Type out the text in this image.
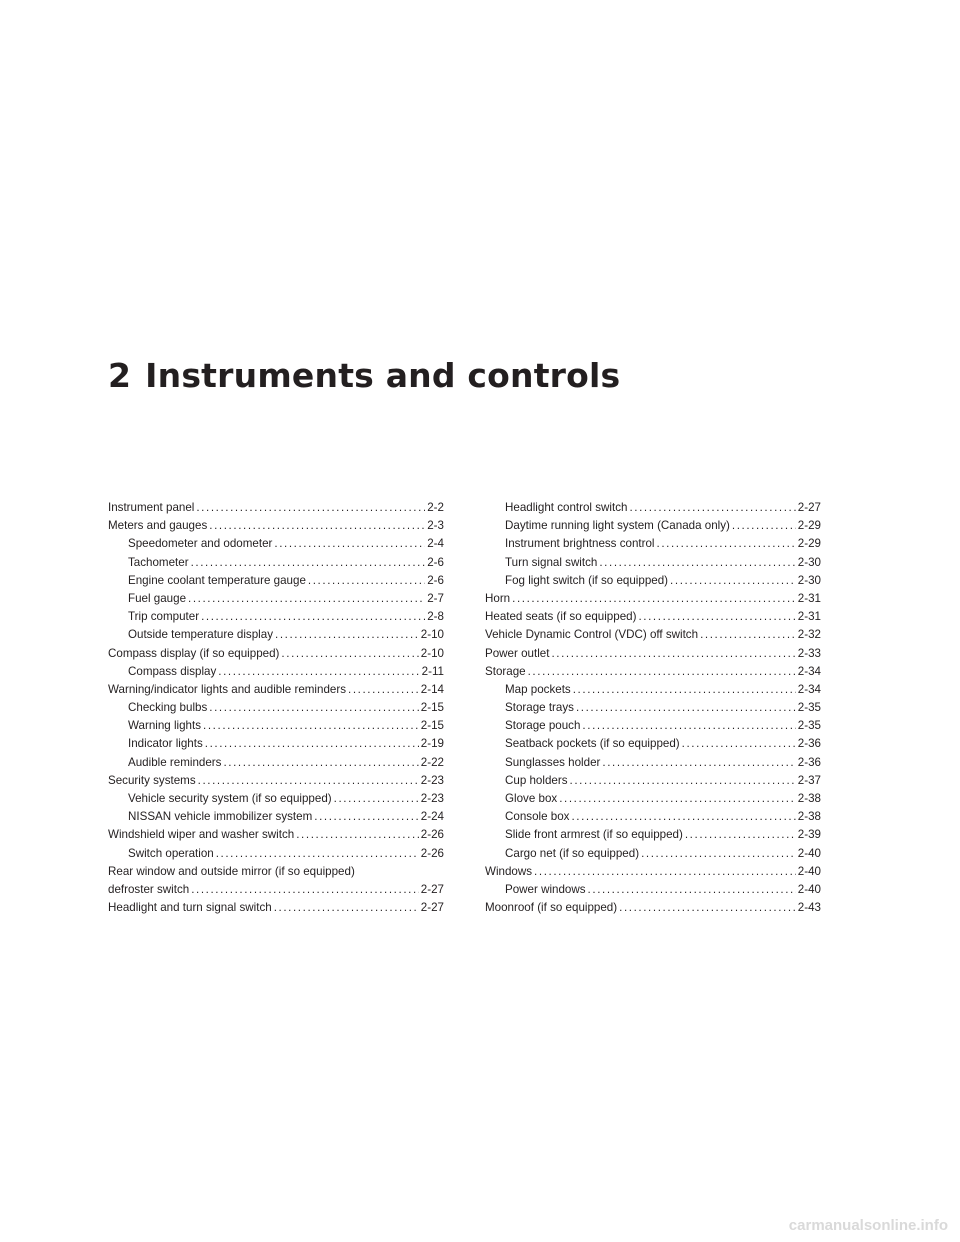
2 Instruments and controls
Instrument panel .....	2-2
Meters and gauges .....	2-3
Speedometer and odometer .....	2-4
Tachometer .....	2-6
Engine coolant temperature gauge .....	2-6
Fuel gauge .....	2-7
Trip computer .....	2-8
Outside temperature display .....	2-10
Compass display (if so equipped) .....	2-10
Compass display .....	2-11
Warning/indicator lights and audible reminders .....	2-14
Checking bulbs .....	2-15
Warning lights .....	2-15
Indicator lights .....	2-19
Audible reminders .....	2-22
Security systems .....	2-23
Vehicle security system (if so equipped) .....	2-23
NISSAN vehicle immobilizer system .....	2-24
Windshield wiper and washer switch .....	2-26
Switch operation .....	2-26
Rear window and outside mirror (if so equipped)
defroster switch .....	2-27
Headlight and turn signal switch .....	2-27
Headlight control switch .....	2-27
Daytime running light system (Canada only) .....	2-29
Instrument brightness control .....	2-29
Turn signal switch .....	2-30
Fog light switch (if so equipped) .....	2-30
Horn .....	2-31
Heated seats (if so equipped) .....	2-31
Vehicle Dynamic Control (VDC) off switch .....	2-32
Power outlet .....	2-33
Storage .....	2-34
Map pockets .....	2-34
Storage trays .....	2-35
Storage pouch .....	2-35
Seatback pockets (if so equipped) .....	2-36
Sunglasses holder .....	2-36
Cup holders .....	2-37
Glove box .....	2-38
Console box .....	2-38
Slide front armrest (if so equipped) .....	2-39
Cargo net (if so equipped) .....	2-40
Windows .....	2-40
Power windows .....	2-40
Moonroof (if so equipped) .....	2-43

carmanualsonline.info
